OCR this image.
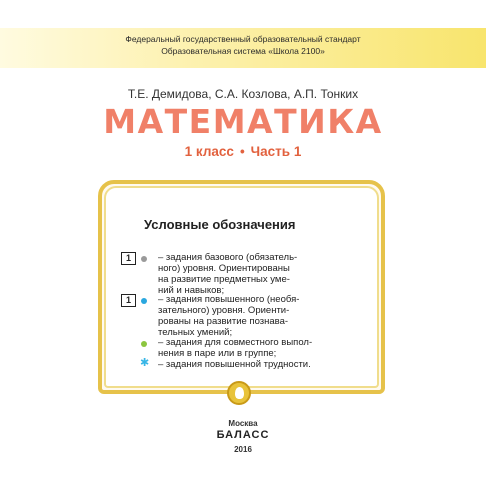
Федеральный государственный образовательный стандарт
Образовательная система «Школа 2100»
Т.Е. Демидова, С.А. Козлова, А.П. Тонких
МАТЕМАТИКА
1 класс • Часть 1
Условные обозначения
1	– задания базового (обязатель-
ного) уровня. Ориентированы
на развитие предметных уме-
ний и навыков;
1	– задания повышенного (необя-
зательного) уровня. Ориенти-
рованы на развитие познава-
тельных умений;
– задания для совместного выпол-
нения в паре или в группе;
✱ – задания повышенной трудности.
Москва
БАЛАСС
2016
